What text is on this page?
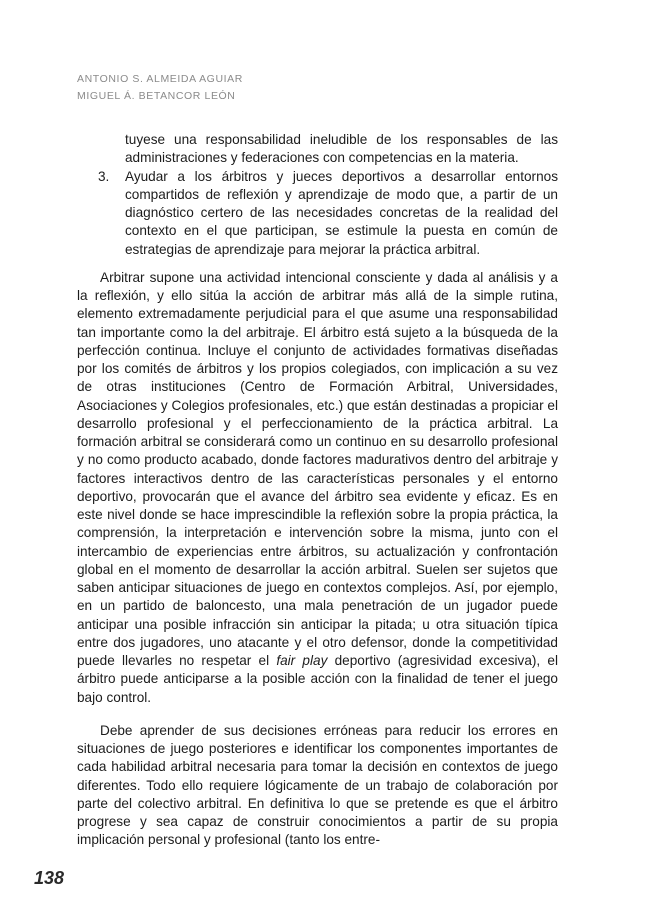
ANTONIO S. ALMEIDA AGUIAR
MIGUEL Á. BETANCOR LEÓN
tuyese una responsabilidad ineludible de los responsables de las
administraciones y federaciones con competencias en la materia.
3. Ayudar a los árbitros y jueces deportivos a desarrollar entornos compartidos de reflexión y aprendizaje de modo que, a partir de un diagnóstico certero de las necesidades concretas de la realidad del contexto en el que participan, se estimule la puesta en común de estrategias de aprendizaje para mejorar la práctica arbitral.

Arbitrar supone una actividad intencional consciente y dada al análisis y a la reflexión, y ello sitúa la acción de arbitrar más allá de la simple rutina, elemento extremadamente perjudicial para el que asume una responsabilidad tan importante como la del arbitraje. El árbitro está sujeto a la búsqueda de la perfección continua. Incluye el conjunto de actividades formativas diseñadas por los comités de árbitros y los propios colegiados, con implicación a su vez de otras instituciones (Centro de Formación Arbitral, Universidades, Asociaciones y Colegios profesionales, etc.) que están destinadas a propiciar el desarrollo profesional y el perfeccionamiento de la práctica arbitral. La formación arbitral se considerará como un continuo en su desarrollo profesional y no como producto acabado, donde factores madurativos dentro del arbitraje y factores interactivos dentro de las características personales y el entorno deportivo, provocarán que el avance del árbitro sea evidente y eficaz. Es en este nivel donde se hace imprescindible la reflexión sobre la propia práctica, la comprensión, la interpretación e intervención sobre la misma, junto con el intercambio de experiencias entre árbitros, su actualización y confrontación global en el momento de desarrollar la acción arbitral. Suelen ser sujetos que saben anticipar situaciones de juego en contextos complejos. Así, por ejemplo, en un partido de baloncesto, una mala penetración de un jugador puede anticipar una posible infracción sin anticipar la pitada; u otra situación típica entre dos jugadores, uno atacante y el otro defensor, donde la competitividad puede llevarles no respetar el fair play deportivo (agresividad excesiva), el árbitro puede anticiparse a la posible acción con la finalidad de tener el juego bajo control.

Debe aprender de sus decisiones erróneas para reducir los errores en situaciones de juego posteriores e identificar los componentes importantes de cada habilidad arbitral necesaria para tomar la decisión en contextos de juego diferentes. Todo ello requiere lógicamente de un trabajo de colaboración por parte del colectivo arbitral. En definitiva lo que se pretende es que el árbitro progrese y sea capaz de construir conocimientos a partir de su propia implicación personal y profesional (tanto los entre-

138
